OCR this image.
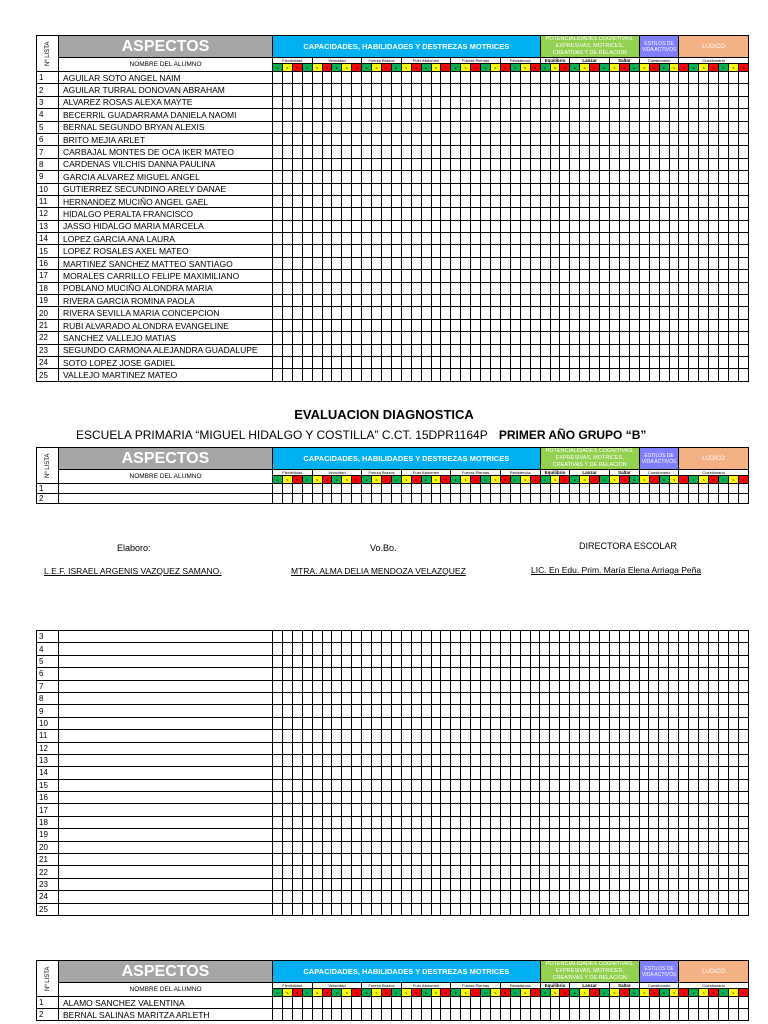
Nº LISTA	ASPECTOS	CAPACIDADES, HABILIDADES Y DESTREZAS MOTRICES																											POTENCIALIDADES COGNITIVAS, EXPRESIVAS, MOTRICES, CREATIVAS Y DE RELACION										ESTILOS DE VIDA ACTIVOS				LUDICO						
	NOMBRE DEL ALUMNO	Flexibilidad				Velocidad					Fuerza Brazos				Fuer Abdomen					Fuerza Piernas					Resistencia				Equilibrio			Lanzar				Saltar			Cuestionario				Cuestionario						
		E	S	R	E	S	R	E	S	R	E	S	R	E	S	R	E	S	R	E	S	R	E	S	R	E	S	R	E	S	R	E	S	R	E	S	R	E	S	R	E	S	R	E	S	R	E	S	R
1	AGUILAR SOTO ANGEL NAIM																																																
2	AGUILAR TURRAL DONOVAN ABRAHAM																																																
3	ALVAREZ ROSAS ALEXA MAYTE																																																
4	BECERRIL GUADARRAMA DANIELA NAOMI																																																
5	BERNAL SEGUNDO BRYAN ALEXIS																																																
6	BRITO MEJIA ARLET																																																
7	CARBAJAL MONTES DE OCA IKER MATEO																																																
8	CARDENAS VILCHIS DANNA PAULINA																																																
9	GARCIA ALVAREZ MIGUEL ANGEL																																																
10	GUTIERREZ SECUNDINO ARELY DANAE																																																
11	HERNANDEZ MUCIÑO ANGEL GAEL																																																
12	HIDALGO PERALTA FRANCISCO																																																
13	JASSO HIDALGO MARIA MARCELA																																																
14	LOPEZ GARCIA ANA LAURA																																																
15	LOPEZ ROSALES AXEL MATEO																																																
16	MARTINEZ SANCHEZ MATTEO SANTIAGO																																																
17	MORALES CARRILLO FELIPE MAXIMILIANO																																																
18	POBLANO MUCIÑO ALONDRA MARIA																																																
19	RIVERA GARCIA ROMINA PAOLA																																																
20	RIVERA SEVILLA MARIA CONCEPCION																																																
21	RUBI ALVARADO ALONDRA EVANGELINE																																																
22	SANCHEZ VALLEJO MATIAS																																																
23	SEGUNDO CARMONA ALEJANDRA GUADALUPE																																																
24	SOTO LOPEZ JOSE GADIEL																																																
25	VALLEJO MARTINEZ MATEO																																																
EVALUACION DIAGNOSTICA
ESCUELA PRIMARIA “MIGUEL HIDALGO Y COSTILLA” C.CT. 15DPR1164P PRIMER AÑO GRUPO “B”
Nº LISTA	ASPECTOS	CAPACIDADES, HABILIDADES Y DESTREZAS MOTRICES																											POTENCIALIDADES COGNITIVAS, EXPRESIVAS, MOTRICES, CREATIVAS Y DE RELACION										ESTILOS DE VIDA ACTIVOS				LUDICO						
	NOMBRE DEL ALUMNO	Flexibilidad				Velocidad					Fuerza Brazos				Fuer Abdomen					Fuerza Piernas					Resistencia				Equilibrio			Lanzar				Saltar			Cuestionario				Cuestionario						
		E	S	R	E	S	R	E	S	R	E	S	R	E	S	R	E	S	R	E	S	R	E	S	R	E	S	R	E	S	R	E	S	R	E	S	R	E	S	R	E	S	R	E	S	R	E	S	R
1																																																	
2																																																	
Elaboro:	Vo.Bo.	DIRECTORA ESCOLAR
L.E.F. ISRAEL ARGENIS VAZQUEZ SAMANO.	MTRA. ALMA DELIA MENDOZA VELAZQUEZ	LIC. En Edu. Prim. María Elena Arriaga Peña
3																																																	
4																																																	
5																																																	
6																																																	
7																																																	
8																																																	
9																																																	
10																																																	
11																																																	
12																																																	
13																																																	
14																																																	
15																																																	
16																																																	
17																																																	
18																																																	
19																																																	
20																																																	
21																																																	
22																																																	
23																																																	
24																																																	
25																																																	
Nº LISTA	ASPECTOS	CAPACIDADES, HABILIDADES Y DESTREZAS MOTRICES																											POTENCIALIDADES COGNITIVAS, EXPRESIVAS, MOTRICES, CREATIVAS Y DE RELACION										ESTILOS DE VIDA ACTIVOS				LUDICO						
	NOMBRE DEL ALUMNO	Flexibilidad				Velocidad					Fuerza Brazos				Fuer Abdomen					Fuerza Piernas					Resistencia				Equilibrio			Lanzar				Saltar			Cuestionario				Cuestionario						
		E	S	R	E	S	R	E	S	R	E	S	R	E	S	R	E	S	R	E	S	R	E	S	R	E	S	R	E	S	R	E	S	R	E	S	R	E	S	R	E	S	R	E	S	R	E	S	R
1	ALAMO SANCHEZ VALENTINA																																																
2	BERNAL SALINAS MARITZA ARLETH																																																
